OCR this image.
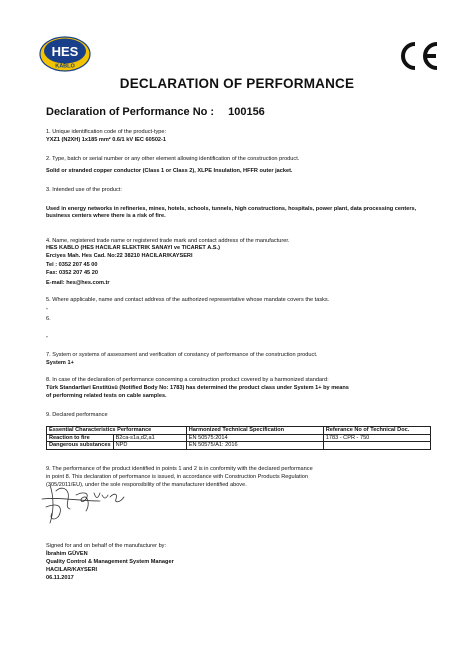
HES
KABLO
DECLARATION OF PERFORMANCE
Declaration of Performance No : 100156
1. Unique identification code of the product-type:
YXZ1 (N2XH) 1x185 mm² 0.6/1 kV IEC 60502-1
2. Type, batch or serial number or any other element allowing identification of the construction product.
Solid or stranded copper conductor (Class 1 or Class 2), XLPE Insulation, HFFR outer jacket.
3. Intended use of the product:
Used in energy networks in refineries, mines, hotels, schools, tunnels, high constructions, hospitals, power plant, data processing centers,
business centers where there is a risk of fire.
4. Name, registered trade name or registered trade mark and contact address of the manufacturer.
HES KABLO (HES HACILAR ELEKTRIK SANAYI ve TICARET A.S.)
Erciyes Mah. Hes Cad. No:22 38210 HACILAR/KAYSERI
Tel : 0352 207 45 00
Fax: 0352 207 45 20
E-mail: hes@hes.com.tr
5. Where applicable, name and contact address of the authorized representative whose mandate covers the tasks.
-
6.
-
7. System or systems of assessment and verification of constancy of performance of the construction product.
System 1+
8. In case of the declaration of performance concerning a construction product covered by a harmonized standard:
Türk Standartlari Enstitüsü (Notified Body No: 1783) has determined the product class under System 1+ by means
of performing related tests on cable samples.
9. Declared performance
Essential Characteristics Performance		Harmonized Technical Specification	Referance No of Technical Doc.
Reaction to fire	B2ca-s1a,d2,a1	EN 50575:2014	1783 - CPR - 750
Dangerous substances	NPD	EN 50575/A1: 2016	
9. The performance of the product identified in points 1 and 2 is in conformity with the declared performance
in point 8. This declaration of performance is issued, in accordance with Construction Products Regulation
(305/2011/EU), under the sole responsibility of the manufacturer identified above.
Signed for and on behalf of the manufacturer by:
İbrahim GÜVEN
Quality Control & Management System Manager
HACILAR/KAYSERI
06.11.2017
